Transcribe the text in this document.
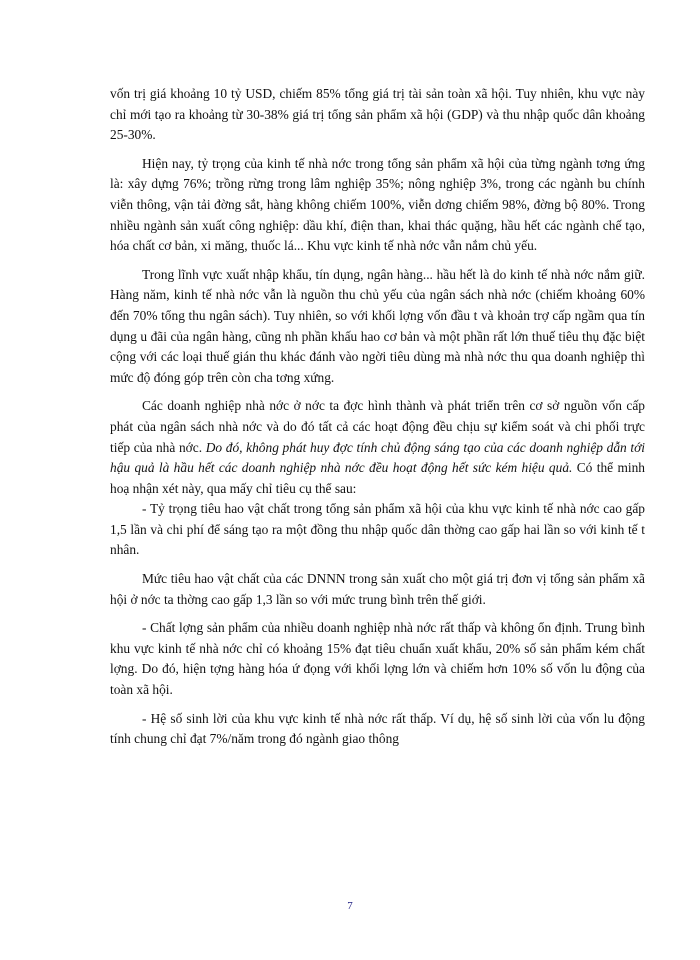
vốn trị giá khoảng 10 tỷ USD, chiếm 85% tổng giá trị tài sản toàn xã hội. Tuy nhiên, khu vực này chỉ mới tạo ra khoảng từ 30-38% giá trị tổng sản phẩm xã hội (GDP) và thu nhập quốc dân khoảng 25-30%.

Hiện nay, tỷ trọng của kinh tế nhà nớc trong tổng sản phẩm xã hội của từng ngành tơng ứng là: xây dựng 76%; trồng rừng trong lâm nghiệp 35%; nông nghiệp 3%, trong các ngành bu chính viễn thông, vận tải đờng sắt, hàng không chiếm 100%, viễn dơng chiếm 98%, đờng bộ 80%. Trong nhiều ngành sản xuất công nghiệp: dầu khí, điện than, khai thác quặng, hầu hết các ngành chế tạo, hóa chất cơ bản, xi măng, thuốc lá... Khu vực kinh tế nhà nớc vẫn nắm chủ yếu.

Trong lĩnh vực xuất nhập khẩu, tín dụng, ngân hàng... hầu hết là do kinh tế nhà nớc nắm giữ. Hàng năm, kinh tế nhà nớc vẫn là nguồn thu chủ yếu của ngân sách nhà nớc (chiếm khoảng 60% đến 70% tổng thu ngân sách). Tuy nhiên, so với khối lợng vốn đầu t và khoản trợ cấp ngầm qua tín dụng u đãi của ngân hàng, cũng nh phần khấu hao cơ bản và một phần rất lớn thuế tiêu thụ đặc biệt cộng với các loại thuế gián thu khác đánh vào ngời tiêu dùng mà nhà nớc thu qua doanh nghiệp thì mức độ đóng góp trên còn cha tơng xứng.

Các doanh nghiệp nhà nớc ở nớc ta đợc hình thành và phát triển trên cơ sở nguồn vốn cấp phát của ngân sách nhà nớc và do đó tất cả các hoạt động đều chịu sự kiểm soát và chi phối trực tiếp của nhà nớc. Do đó, không phát huy đợc tính chủ động sáng tạo của các doanh nghiệp dẫn tới hậu quả là hầu hết các doanh nghiệp nhà nớc đều hoạt động hết sức kém hiệu quả. Có thể minh hoạ nhận xét này, qua mấy chỉ tiêu cụ thể sau:

- Tỷ trọng tiêu hao vật chất trong tổng sản phẩm xã hội của khu vực kinh tế nhà nớc cao gấp 1,5 lần và chi phí để sáng tạo ra một đồng thu nhập quốc dân thờng cao gấp hai lần so với kinh tế t nhân.

Mức tiêu hao vật chất của các DNNN trong sản xuất cho một giá trị đơn vị tổng sản phẩm xã hội ở nớc ta thờng cao gấp 1,3 lần so với mức trung bình trên thế giới.

- Chất lợng sản phẩm của nhiều doanh nghiệp nhà nớc rất thấp và không ổn định. Trung bình khu vực kinh tế nhà nớc chỉ có khoảng 15% đạt tiêu chuẩn xuất khẩu, 20% số sản phẩm kém chất lợng. Do đó, hiện tợng hàng hóa ứ đọng với khối lợng lớn và chiếm hơn 10% số vốn lu động của toàn xã hội.

- Hệ số sinh lời của khu vực kinh tế nhà nớc rất thấp. Ví dụ, hệ số sinh lời của vốn lu động tính chung chỉ đạt 7%/năm trong đó ngành giao thông

7
